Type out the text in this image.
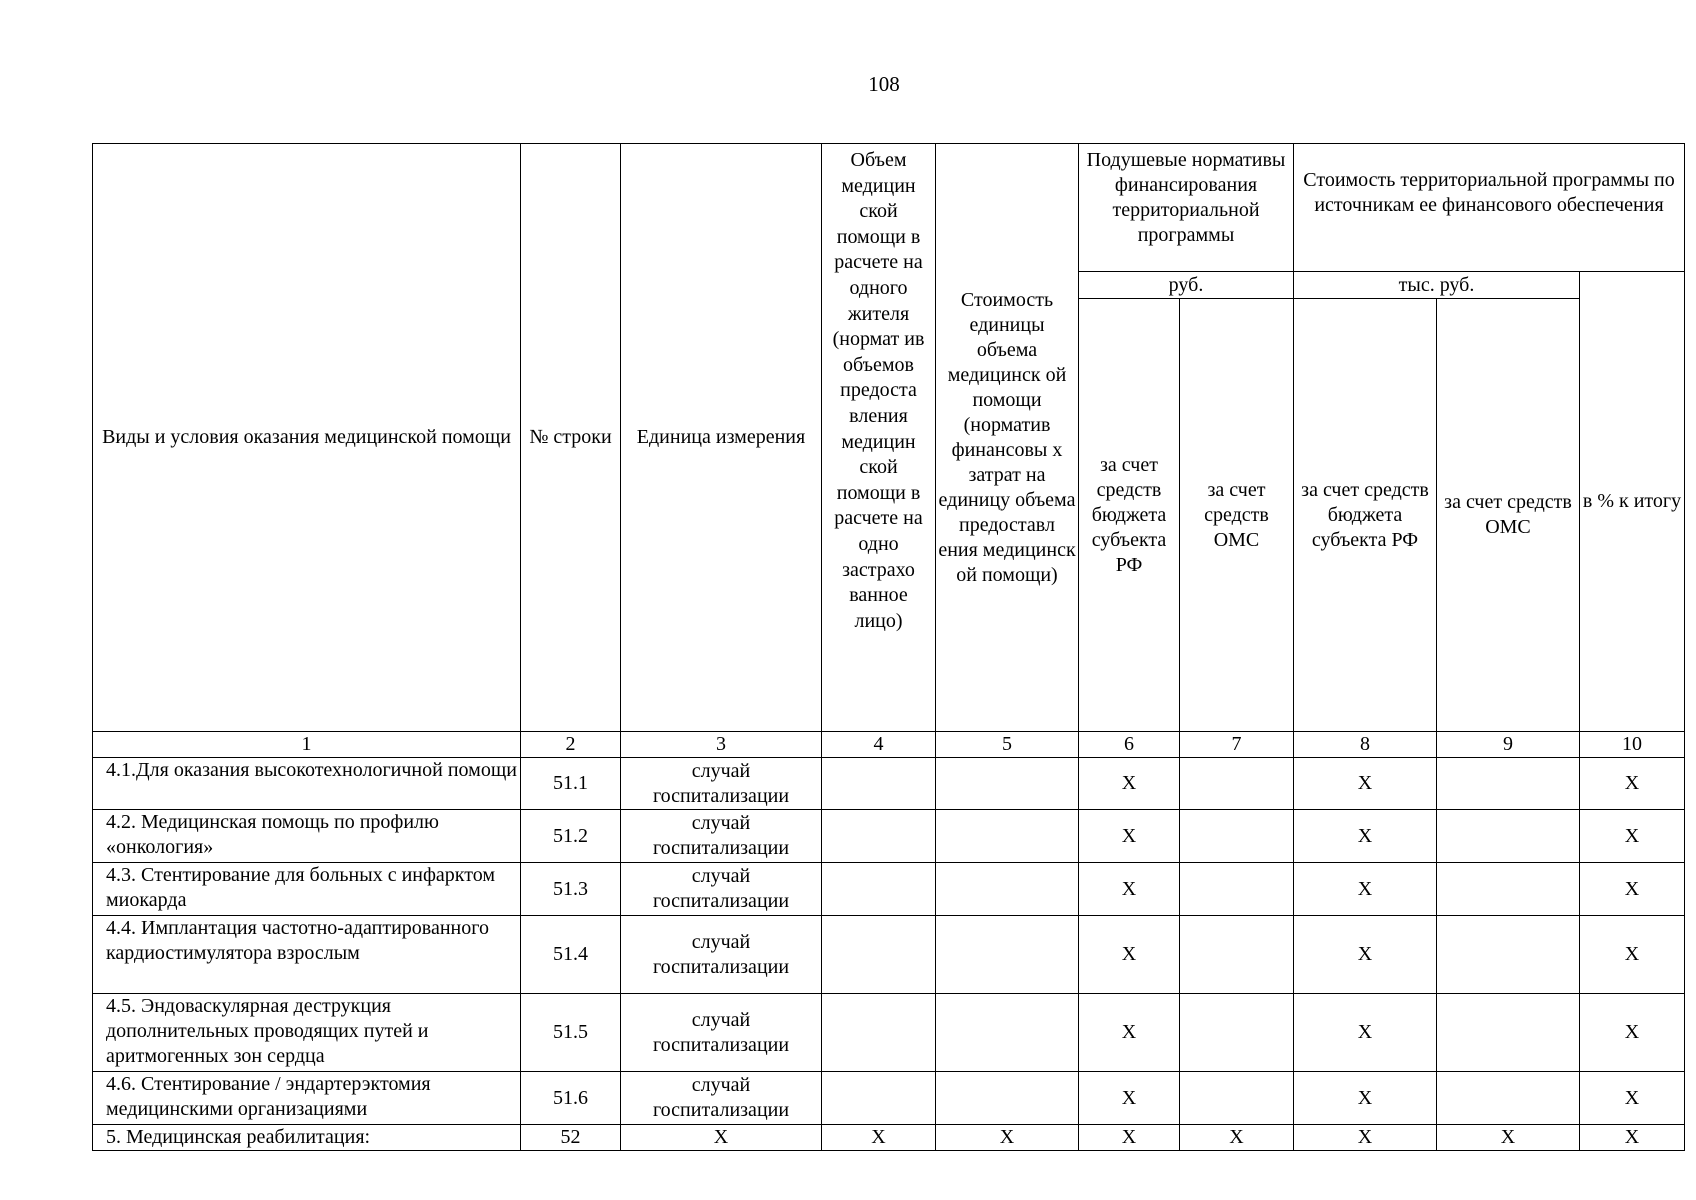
108
Виды и условия оказания медицинской помощи	№ строки	Единица измерения	Объем медицин ской помощи в расчете на одного жителя (нормат ив объемов предоста вления медицин ской помощи в расчете на одно застрахо ванное лицо)	Стоимость единицы объема медицинск ой помощи (норматив финансовы х затрат на единицу объема предоставл ения медицинск ой помощи)	Подушевые нормативы финансирования территориальной программы		Стоимость территориальной программы по источникам ее финансового обеспечения		
					руб.		тыс. руб.		в % к итогу
					за счет средств бюджета субъекта РФ	за счет средств ОМС	за счет средств бюджета субъекта РФ	за счет средств ОМС	
1	2	3	4	5	6	7	8	9	10
4.1.Для оказания высокотехнологичной помощи	51.1	случай госпитализации			Х		Х		Х
4.2. Медицинская помощь по профилю «онкология»	51.2	случай госпитализации			Х		Х		Х
4.3. Стентирование для больных с инфарктом миокарда	51.3	случай госпитализации			Х		Х		Х
4.4. Имплантация частотно-адаптированного кардиостимулятора взрослым	51.4	случай госпитализации			Х		Х		Х
4.5. Эндоваскулярная деструкция дополнительных проводящих путей и аритмогенных зон сердца	51.5	случай госпитализации			Х		Х		Х
4.6. Стентирование / эндартерэктомия медицинскими организациями	51.6	случай госпитализации			Х		Х		Х
5. Медицинская реабилитация:	52	Х	Х	Х	Х	Х	Х	Х	Х
